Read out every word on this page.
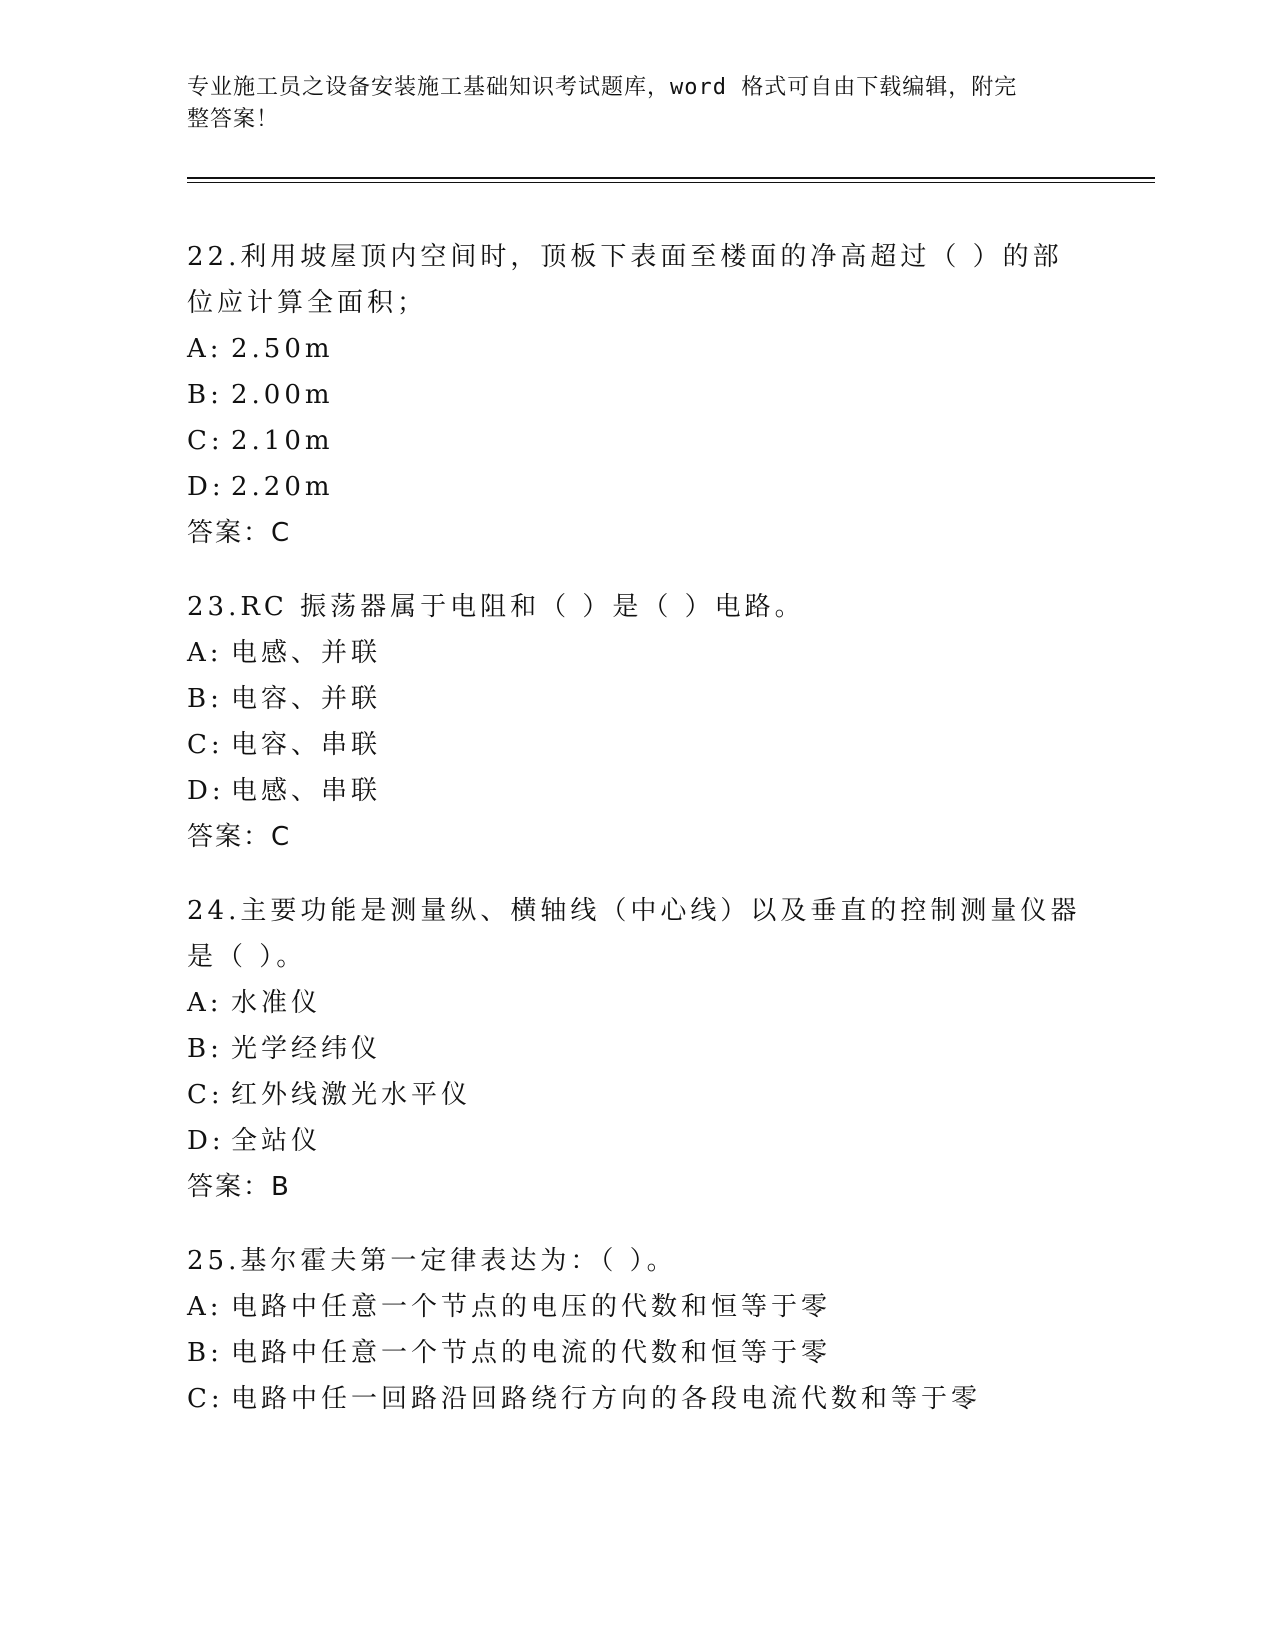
专业施工员之设备安装施工基础知识考试题库，word 格式可自由下载编辑，附完
整答案！
22.利用坡屋顶内空间时，顶板下表面至楼面的净高超过（ ）的部位应计算全面积；
A: 2.50m
B: 2.00m
C: 2.10m
D: 2.20m
答案：C
23.RC 振荡器属于电阻和（ ）是（ ）电路。
A: 电感、并联
B: 电容、并联
C: 电容、串联
D: 电感、串联
答案：C
24.主要功能是测量纵、横轴线（中心线）以及垂直的控制测量仪器是（ ）。
A: 水准仪
B: 光学经纬仪
C: 红外线激光水平仪
D: 全站仪
答案：B
25.基尔霍夫第一定律表达为：（ ）。
A: 电路中任意一个节点的电压的代数和恒等于零
B: 电路中任意一个节点的电流的代数和恒等于零
C: 电路中任一回路沿回路绕行方向的各段电流代数和等于零
